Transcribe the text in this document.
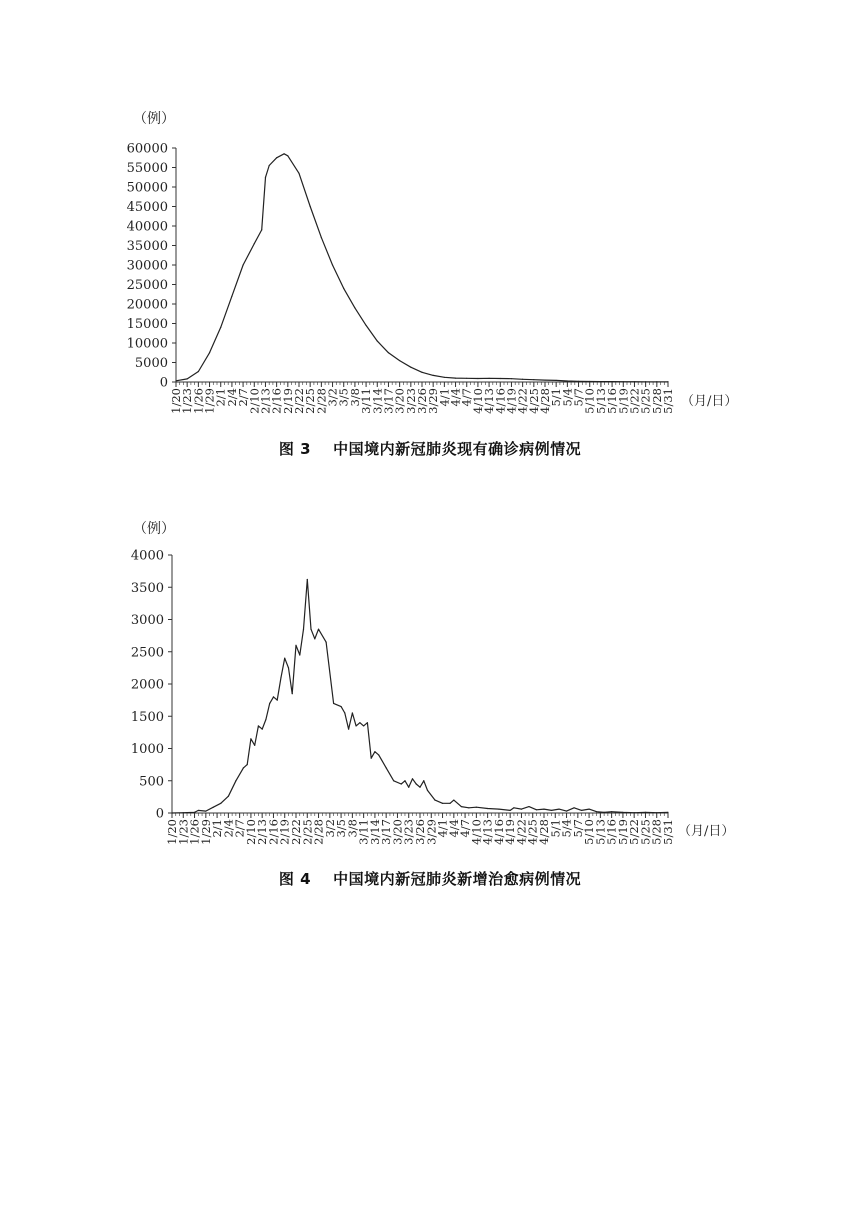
（例）
0
5000
10000
15000
20000
25000
30000
35000
40000
45000
50000
55000
60000
1/20
1/23
1/26
1/29
2/1
2/4
2/7
2/10
2/13
2/16
2/19
2/22
2/25
2/28
3/2
3/5
3/8
3/11
3/14
3/17
3/20
3/23
3/26
3/29
4/1
4/4
4/7
4/10
4/13
4/16
4/19
4/22
4/25
4/28
5/1
5/4
5/7
5/10
5/13
5/16
5/19
5/22
5/25
5/28
5/31 （月/日）
图 3 中国境内新冠肺炎现有确诊病例情况
（例）
0
500
1000
1500
2000
2500
3000
3500
4000
1/20
1/23
1/26
1/29
2/1
2/4
2/7
2/10
2/13
2/16
2/19
2/22
2/25
2/28
3/2
3/5
3/8
3/11
3/14
3/17
3/20
3/23
3/26
3/29
4/1
4/4
4/7
4/10
4/13
4/16
4/19
4/22
4/25
4/28
5/1
5/4
5/7
5/10
5/13
5/16
5/19
5/22
5/25
5/28
5/31 （月/日）
图 4 中国境内新冠肺炎新增治愈病例情况
